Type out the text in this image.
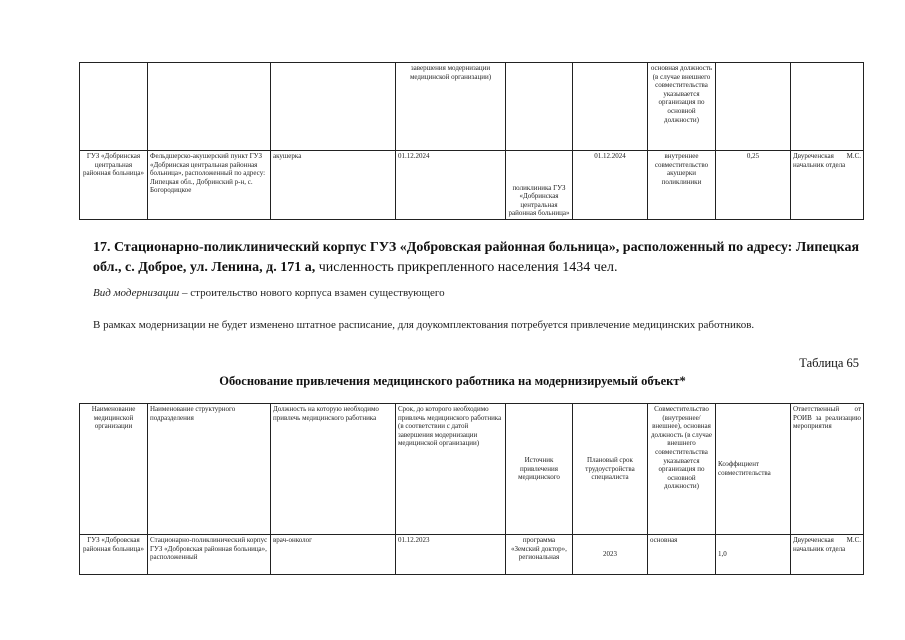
			завершения модернизации медицинской организации)			основная должность (в случае внешнего совместительства указывается организация по основной должности)		
ГУЗ «Добринская центральная районная больница»	Фельдшерско-акушерский пункт ГУЗ «Добринская центральная районная больница», расположенный по адресу: Липецкая обл., Добринский р-н, с. Богородицкое	акушерка	01.12.2024	поликлиника ГУЗ «Добринская центральная районная больница»	01.12.2024	внутреннее совместительство акушерки поликлиники	0,25	Двуреченская М.С. начальник отдела
17. Стационарно-поликлинический корпус ГУЗ «Добровская районная больница», расположенный по адресу: Липецкая обл., с. Доброе, ул. Ленина, д. 171 а, численность прикрепленного населения 1434 чел.
Вид модернизации – строительство нового корпуса взамен существующего
В рамках модернизации не будет изменено штатное расписание, для доукомплектования потребуется привлечение медицинских работников.
Таблица 65
Обоснование привлечения медицинского работника на модернизируемый объект*
Наименование медицинской организации	Наименование структурного подразделения	Должность на которую необходимо привлечь медицинского работника	Срок, до которого необходимо привлечь медицинского работника (в соответствии с датой завершения модернизации медицинской организации)	Источник привлечения медицинского	Плановый срок трудоустройства специалиста	Совместительство (внутреннее/внешнее), основная должность (в случае внешнего совместительства указывается организация по основной должности)	Коэффициент совместительства	Ответственный от РОИВ за реализацию мероприятия
ГУЗ «Добровская районная больница»	Стационарно-поликлинический корпус ГУЗ «Добровская районная больница», расположенный	врач-онколог	01.12.2023	программа «Земский доктор», региональная	2023	основная	1,0	Двуреченская М.С. начальник отдела
